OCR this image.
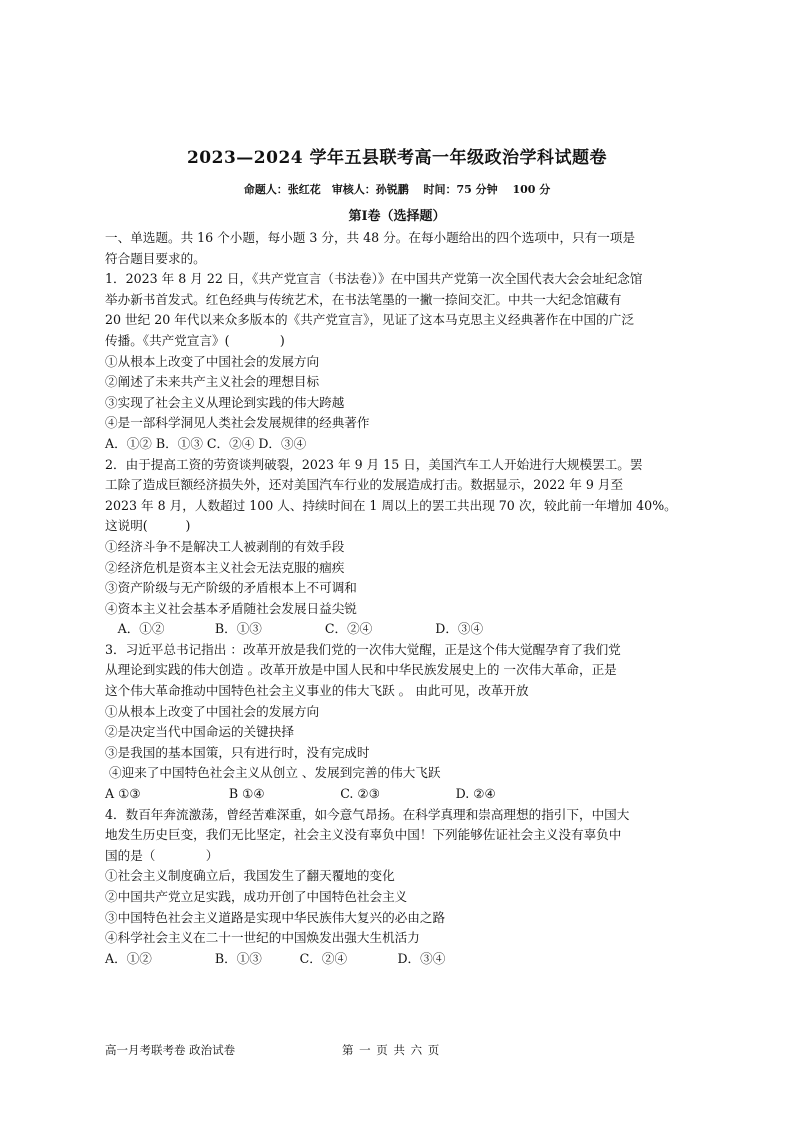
2023—2024 学年五县联考高一年级政治学科试题卷
命题人：张红花　审核人：孙锐鹏　 时间：75 分钟　 100 分
第Ⅰ卷（选择题）
一、单选题。共 16 个小题，每小题 3 分，共 48 分。在每小题给出的四个选项中，只有一项是
符合题目要求的。
1．2023 年 8 月 22 日，《共产党宣言（书法卷）》在中国共产党第一次全国代表大会会址纪念馆
举办新书首发式。红色经典与传统艺术，在书法笔墨的一撇一捺间交汇。中共一大纪念馆藏有
20 世纪 20 年代以来众多版本的《共产党宣言》，见证了这本马克思主义经典著作在中国的广泛
传播。《共产党宣言》(　　　　)
①从根本上改变了中国社会的发展方向
②阐述了未来共产主义社会的理想目标
③实现了社会主义从理论到实践的伟大跨越
④是一部科学洞见人类社会发展规律的经典著作
A．①② B．①③ C．②④ D．③④
2．由于提高工资的劳资谈判破裂，2023 年 9 月 15 日，美国汽车工人开始进行大规模罢工。罢
工除了造成巨额经济损失外，还对美国汽车行业的发展造成打击。数据显示，2022 年 9 月至
2023 年 8 月，人数超过 100 人、持续时间在 1 周以上的罢工共出现 70 次，较此前一年增加 40%。
这说明(　　　)
①经济斗争不是解决工人被剥削的有效手段
②经济危机是资本主义社会无法克服的痼疾
③资产阶级与无产阶级的矛盾根本上不可调和
④资本主义社会基本矛盾随社会发展日益尖锐
　A．①②　　　　B．①③　　　　　C．②④　　　　　D．③④
3．习近平总书记指出 ：改革开放是我们党的一次伟大觉醒，正是这个伟大觉醒孕育了我们党
从理论到实践的伟大创造 。改革开放是中国人民和中华民族发展史上的 一次伟大革命，正是
这个伟大革命推动中国特色社会主义事业的伟大飞跃 。 由此可见，改革开放
①从根本上改变了中国社会的发展方向
②是决定当代中国命运的关键抉择
③是我国的基本国策，只有进行时，没有完成时
④迎来了中国特色社会主义从创立 、发展到完善的伟大飞跃
A ①③　　　　　　　B ①④　　　　　　C. ②③　　　　　　D. ②④
4．数百年奔流激荡，曾经苦难深重，如今意气昂扬。在科学真理和崇高理想的指引下，中国大
地发生历史巨变，我们无比坚定，社会主义没有辜负中国！下列能够佐证社会主义没有辜负中
国的是（　　　　）
①社会主义制度确立后，我国发生了翻天覆地的变化
②中国共产党立足实践，成功开创了中国特色社会主义
③中国特色社会主义道路是实现中华民族伟大复兴的必由之路
④科学社会主义在二十一世纪的中国焕发出强大生机活力
A．①②　　　　　B．①③　　　C．②④　　　　D．③④
高一月考联考卷 政治试卷	第 一 页 共 六 页
